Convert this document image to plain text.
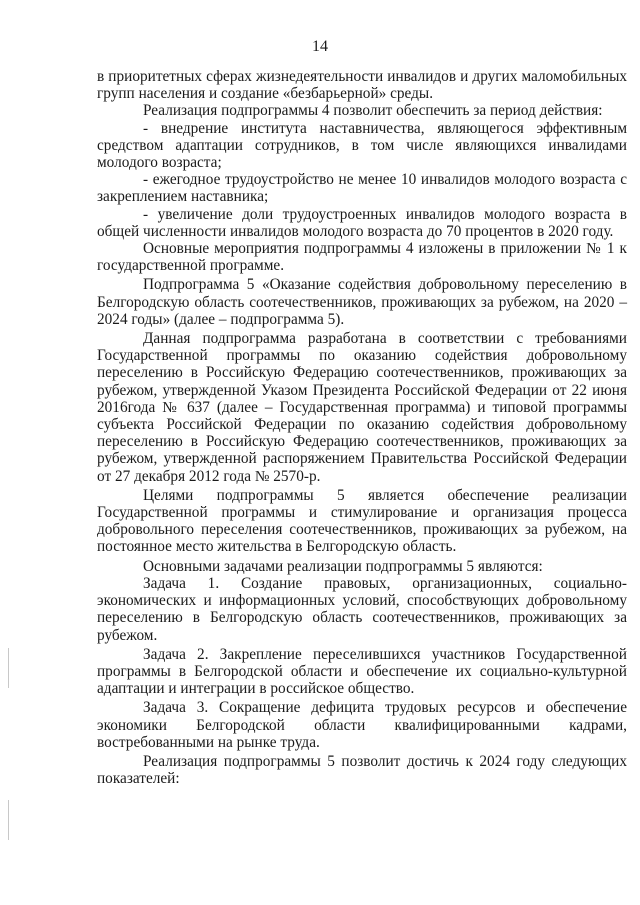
14

в приоритетных сферах жизнедеятельности инвалидов и других маломобильных групп населения и создание «безбарьерной» среды.

Реализация подпрограммы 4 позволит обеспечить за период действия:

- внедрение института наставничества, являющегося эффективным средством адаптации сотрудников, в том числе являющихся инвалидами молодого возраста;

- ежегодное трудоустройство не менее 10 инвалидов молодого возраста с закреплением наставника;

- увеличение доли трудоустроенных инвалидов молодого возраста в общей численности инвалидов молодого возраста до 70 процентов в 2020 году.

Основные мероприятия подпрограммы 4 изложены в приложении № 1 к государственной программе.

Подпрограмма 5 «Оказание содействия добровольному переселению в Белгородскую область соотечественников, проживающих за рубежом, на 2020 – 2024 годы» (далее – подпрограмма 5).

Данная подпрограмма разработана в соответствии с требованиями Государственной программы по оказанию содействия добровольному переселению в Российскую Федерацию соотечественников, проживающих за рубежом, утвержденной Указом Президента Российской Федерации от 22 июня 2016года № 637 (далее – Государственная программа) и типовой программы субъекта Российской Федерации по оказанию содействия добровольному переселению в Российскую Федерацию соотечественников, проживающих за рубежом, утвержденной распоряжением Правительства Российской Федерации от 27 декабря 2012 года № 2570-р.

Целями подпрограммы 5 является обеспечение реализации Государственной программы и стимулирование и организация процесса добровольного переселения соотечественников, проживающих за рубежом, на постоянное место жительства в Белгородскую область.

Основными задачами реализации подпрограммы 5 являются:

Задача 1. Создание правовых, организационных, социально-экономических и информационных условий, способствующих добровольному переселению в Белгородскую область соотечественников, проживающих за рубежом.

Задача 2. Закрепление переселившихся участников Государственной программы в Белгородской области и обеспечение их социально-культурной адаптации и интеграции в российское общество.

Задача 3. Сокращение дефицита трудовых ресурсов и обеспечение экономики Белгородской области квалифицированными кадрами, востребованными на рынке труда.

Реализация подпрограммы 5 позволит достичь к 2024 году следующих показателей:
